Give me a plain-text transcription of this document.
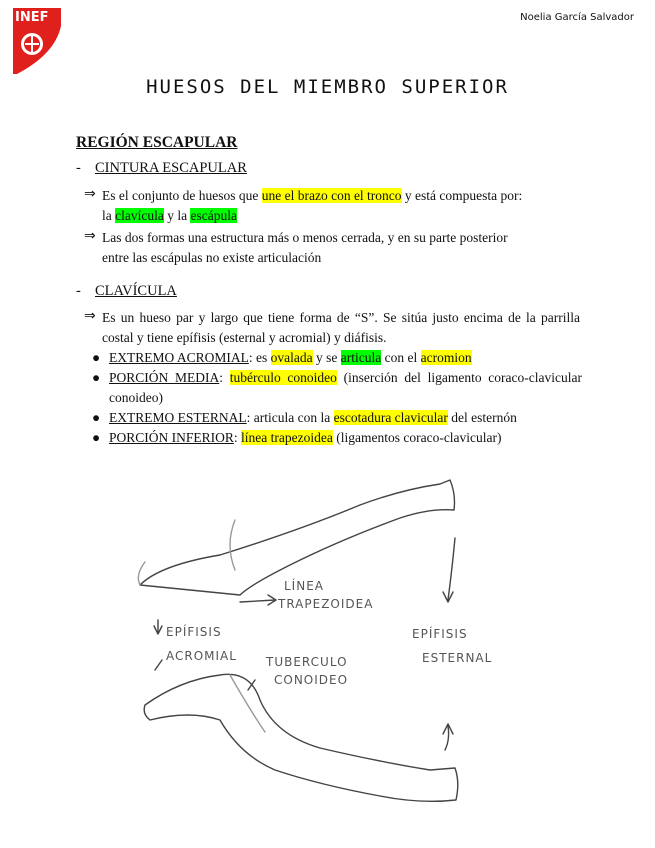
INEF	Noelia García Salvador
HUESOS DEL MIEMBRO SUPERIOR
REGIÓN ESCAPULAR
- CINTURA ESCAPULAR
⇒ Es el conjunto de huesos que une el brazo con el tronco y está compuesta por:
la clavícula y la escápula
⇒ Las dos formas una estructura más o menos cerrada, y en su parte posterior
entre las escápulas no existe articulación
- CLAVÍCULA
⇒ Es un hueso par y largo que tiene forma de “S”. Se sitúa justo encima de la parrilla costal y tiene epífisis (esternal y acromial) y diáfisis.
● EXTREMO ACROMIAL: es ovalada y se articula con el acromion
● PORCIÓN MEDIA: tubérculo conoideo (inserción del ligamento coraco-clavicular conoideo)
● EXTREMO ESTERNAL: articula con la escotadura clavicular del esternón
● PORCIÓN INFERIOR: línea trapezoidea (ligamentos coraco-clavicular)
LÍNEA
TRAPEZOIDEA
EPÍFISIS
ACROMIAL TUBERCULO
CONOIDEO
EPÍFISIS
ESTERNAL
